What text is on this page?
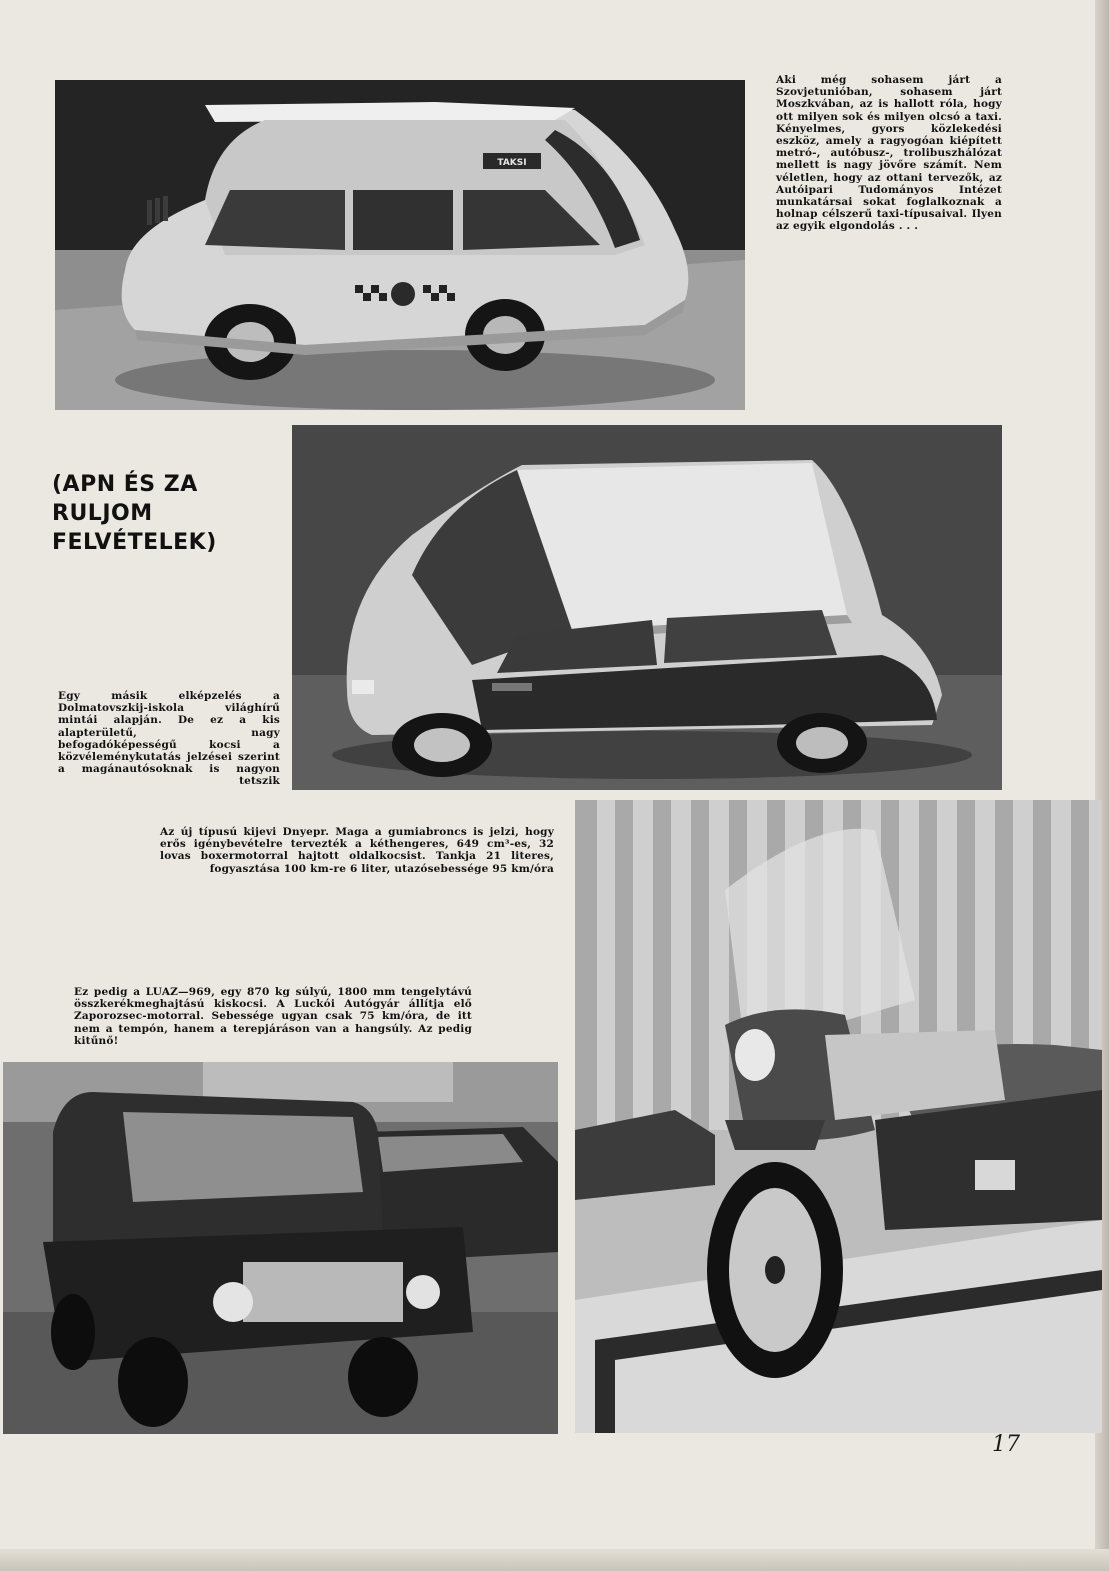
TAKSI

Aki még sohasem járt a Szovjetunióban, sohasem járt Moszkvában, az is hallott róla, hogy ott milyen sok és milyen olcsó a taxi. Kényelmes, gyors közlekedési eszköz, amely a ragyogóan kiépített metró-, autóbusz-, trolibuszhálózat mellett is nagy jövőre számít. Nem véletlen, hogy az ottani tervezők, az Autóipari Tudományos Intézet munkatársai sokat foglalkoznak a holnap célszerű taxi-típusaival. Ilyen az egyik elgondolás . . .

(APN ÉS ZA RULJOM FELVÉTELEK)

Egy másik elképzelés a Dolmatovszkij-iskola világhírű mintái alapján. De ez a kis alapterületű, nagy befogadóképességű kocsi a közvéleménykutatás jelzései szerint a magánautósoknak is nagyon tetszik

Az új típusú kijevi Dnyepr. Maga a gumiabroncs is jelzi, hogy erős igénybevételre tervezték a kéthengeres, 649 cm³-es, 32 lovas boxermotorral hajtott oldalkocsist. Tankja 21 literes, fogyasztása 100 km-re 6 liter, utazósebessége 95 km/óra

Ez pedig a LUAZ—969, egy 870 kg súlyú, 1800 mm tengelytávú összkerékmeghajtású kiskocsi. A Luckói Autógyár állítja elő Zaporozsec-motorral. Sebessége ugyan csak 75 km/óra, de itt nem a tempón, hanem a terepjáráson van a hangsúly. Az pedig kitűnő!

17
